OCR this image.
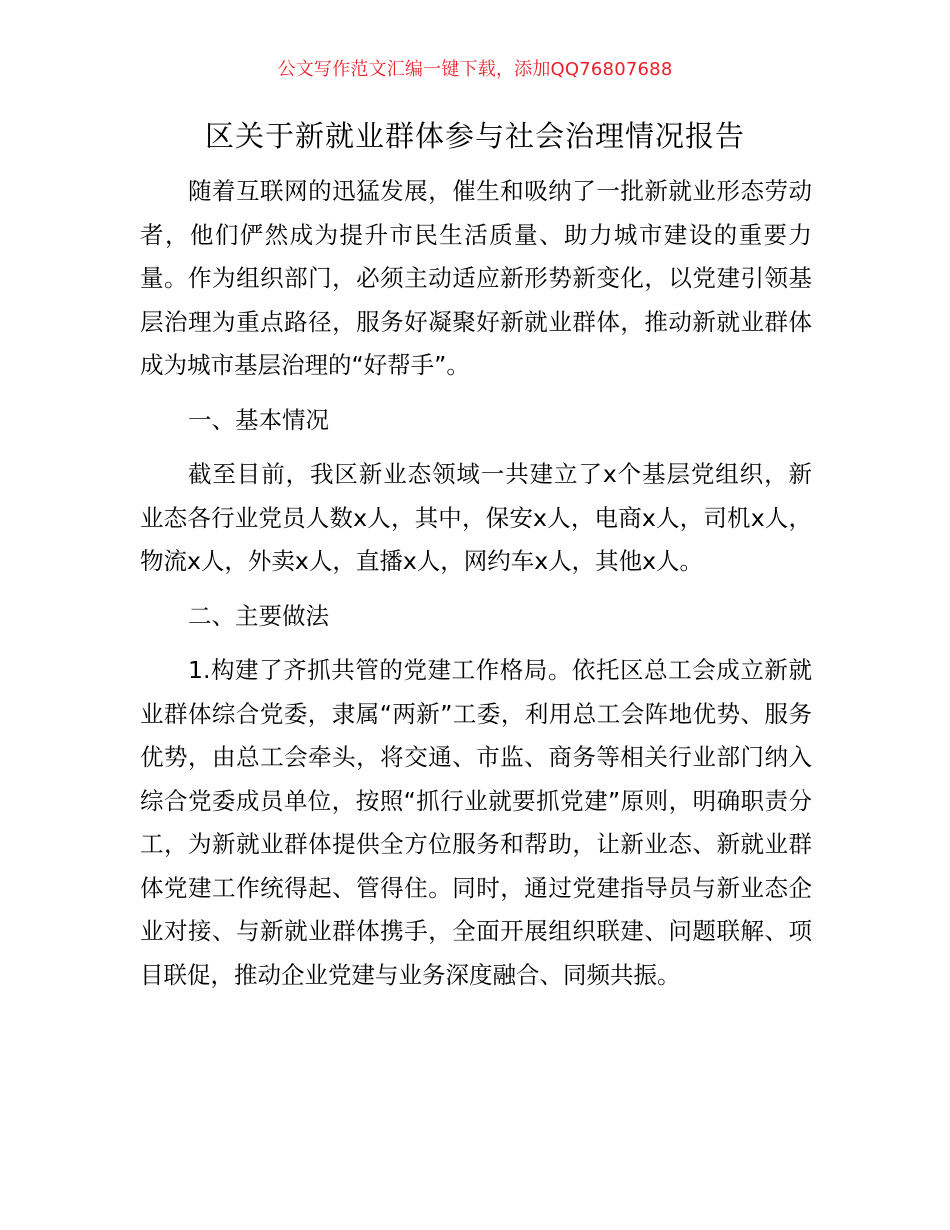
公文写作范文汇编一键下载，添加QQ76807688
区关于新就业群体参与社会治理情况报告

随着互联网的迅猛发展，催生和吸纳了一批新就业形态劳动者，他们俨然成为提升市民生活质量、助力城市建设的重要力量。作为组织部门，必须主动适应新形势新变化，以党建引领基层治理为重点路径，服务好凝聚好新就业群体，推动新就业群体成为城市基层治理的“好帮手”。

一、基本情况

截至目前，我区新业态领域一共建立了x个基层党组织，新业态各行业党员人数x人，其中，保安x人，电商x人，司机x人，物流x人，外卖x人，直播x人，网约车x人，其他x人。

二、主要做法

1.构建了齐抓共管的党建工作格局。依托区总工会成立新就业群体综合党委，隶属“两新”工委，利用总工会阵地优势、服务优势，由总工会牵头，将交通、市监、商务等相关行业部门纳入综合党委成员单位，按照“抓行业就要抓党建”原则，明确职责分工，为新就业群体提供全方位服务和帮助，让新业态、新就业群体党建工作统得起、管得住。同时，通过党建指导员与新业态企业对接、与新就业群体携手，全面开展组织联建、问题联解、项目联促，推动企业党建与业务深度融合、同频共振。
